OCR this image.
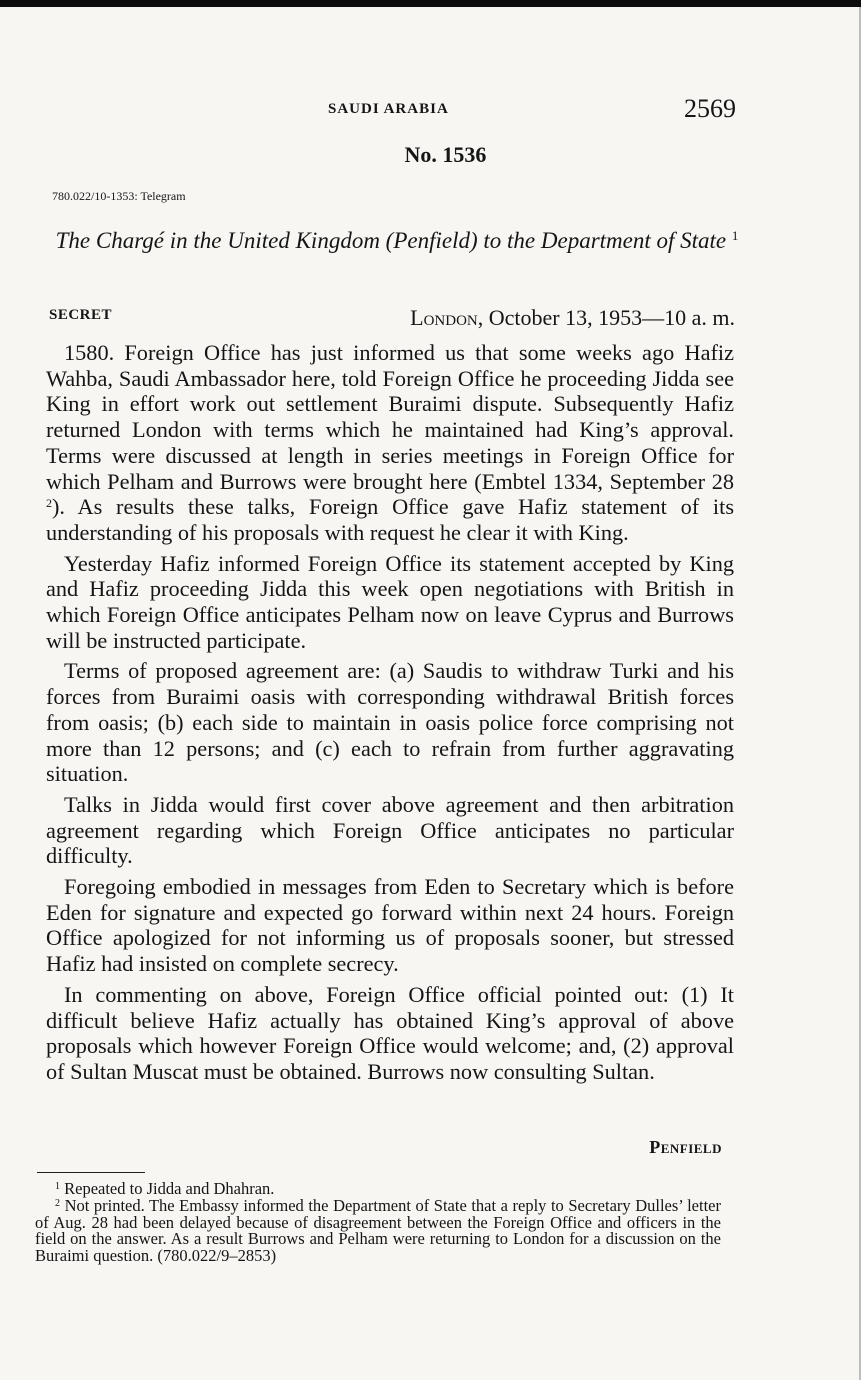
SAUDI ARABIA	2569
No. 1536
780.022/10-1353: Telegram
The Chargé in the United Kingdom (Penfield) to the Department of State $^1$
SECRET	London, October 13, 1953—10 a. m.

1580. Foreign Office has just informed us that some weeks ago Hafiz Wahba, Saudi Ambassador here, told Foreign Office he proceeding Jidda see King in effort work out settlement Buraimi dispute. Subsequently Hafiz returned London with terms which he maintained had King’s approval. Terms were discussed at length in series meetings in Foreign Office for which Pelham and Burrows were brought here (Embtel 1334, September 28 $^2$). As results these talks, Foreign Office gave Hafiz statement of its understanding of his proposals with request he clear it with King.

Yesterday Hafiz informed Foreign Office its statement accepted by King and Hafiz proceeding Jidda this week open negotiations with British in which Foreign Office anticipates Pelham now on leave Cyprus and Burrows will be instructed participate.

Terms of proposed agreement are: (a) Saudis to withdraw Turki and his forces from Buraimi oasis with corresponding withdrawal British forces from oasis; (b) each side to maintain in oasis police force comprising not more than 12 persons; and (c) each to refrain from further aggravating situation.

Talks in Jidda would first cover above agreement and then arbitration agreement regarding which Foreign Office anticipates no particular difficulty.

Foregoing embodied in messages from Eden to Secretary which is before Eden for signature and expected go forward within next 24 hours. Foreign Office apologized for not informing us of proposals sooner, but stressed Hafiz had insisted on complete secrecy.

In commenting on above, Foreign Office official pointed out: (1) It difficult believe Hafiz actually has obtained King’s approval of above proposals which however Foreign Office would welcome; and, (2) approval of Sultan Muscat must be obtained. Burrows now consulting Sultan.

Penfield

$^1$ Repeated to Jidda and Dhahran.

$^2$ Not printed. The Embassy informed the Department of State that a reply to Secretary Dulles’ letter of Aug. 28 had been delayed because of disagreement between the Foreign Office and officers in the field on the answer. As a result Burrows and Pelham were returning to London for a discussion on the Buraimi question. (780.022/9–2853)
